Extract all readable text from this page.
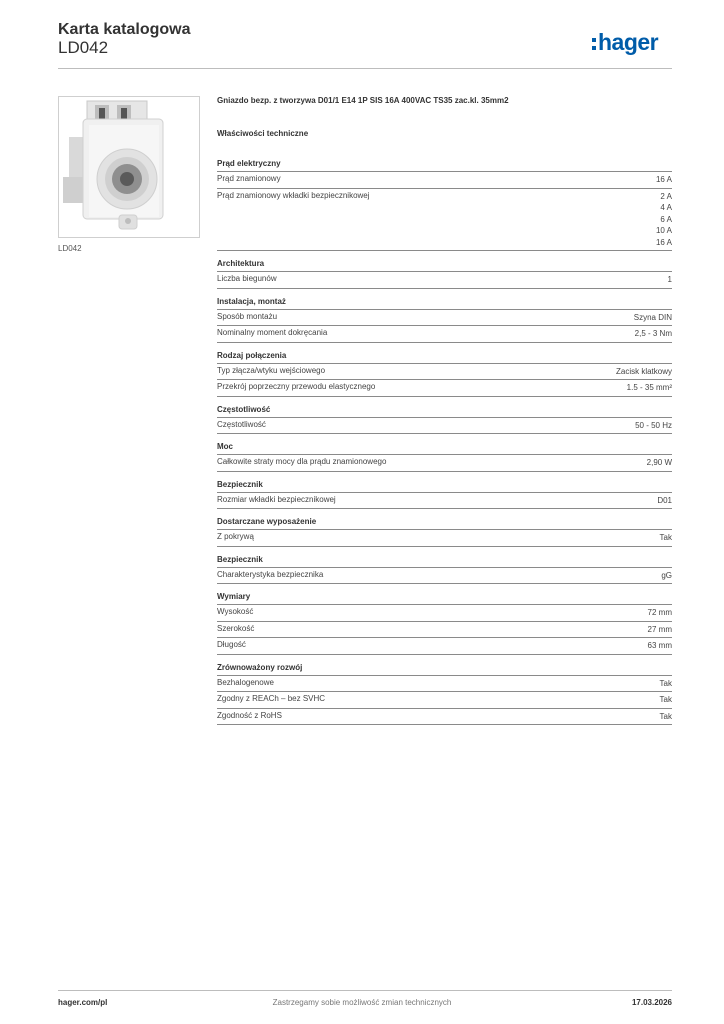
Karta katalogowa
LD042	hager
LD042
Gniazdo bezp. z tworzywa D01/1 E14 1P SIS 16A 400VAC TS35 zac.kl. 35mm2
Właściwości techniczne
Prąd elektryczny
Prąd znamionowy	16 A
Prąd znamionowy wkładki bezpiecznikowej	2 A
4 A
6 A
10 A
16 A
Architektura
Liczba biegunów	1
Instalacja, montaż
Sposób montażu	Szyna DIN
Nominalny moment dokręcania	2,5 - 3 Nm
Rodzaj połączenia
Typ złącza/wtyku wejściowego	Zacisk klatkowy
Przekrój poprzeczny przewodu elastycznego	1.5 - 35 mm²
Częstotliwość
Częstotliwość	50 - 50 Hz
Moc
Całkowite straty mocy dla prądu znamionowego	2,90 W
Bezpiecznik
Rozmiar wkładki bezpiecznikowej	D01
Dostarczane wyposażenie
Z pokrywą	Tak
Bezpiecznik
Charakterystyka bezpiecznika	gG
Wymiary
Wysokość	72 mm
Szerokość	27 mm
Długość	63 mm
Zrównoważony rozwój
Bezhalogenowe	Tak
Zgodny z REACh – bez SVHC	Tak
Zgodność z RoHS	Tak
hager.com/pl	Zastrzegamy sobie możliwość zmian technicznych	17.03.2026
